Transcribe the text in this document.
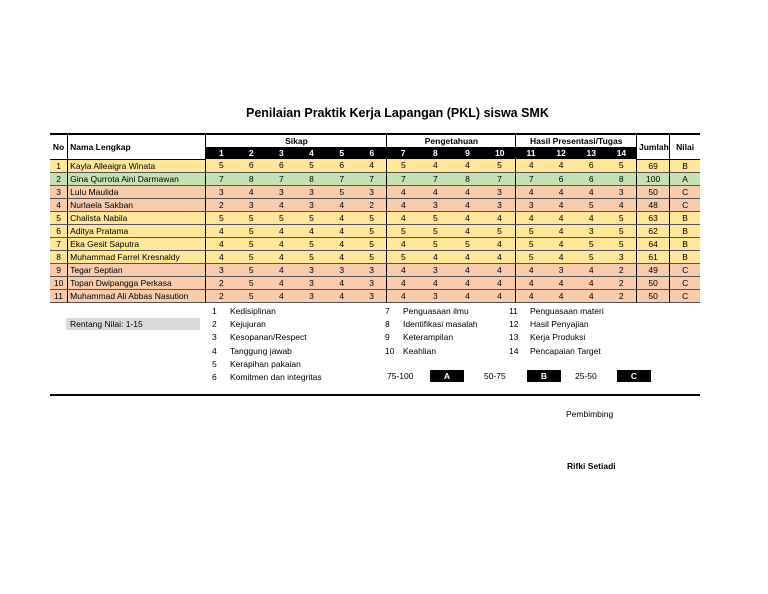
Penilaian Praktik Kerja Lapangan (PKL) siswa SMK
No	Nama Lengkap	Sikap						Pengetahuan				Hasil Presentasi/Tugas				Jumlah	Nilai
		1	2	3	4	5	6	7	8	9	10	11	12	13	14		
1	Kayla Alleaigra Winata	5	6	6	5	6	4	5	4	4	5	4	4	6	5	69	B
2	Gina Qurrota Aini Darmawan	7	8	7	8	7	7	7	7	8	7	7	6	6	8	100	A
3	Lulu Maulida	3	4	3	3	5	3	4	4	4	3	4	4	4	3	50	C
4	Nurlaela Sakban	2	3	4	3	4	2	4	3	4	3	3	4	5	4	48	C
5	Chalista Nabila	5	5	5	5	4	5	4	5	4	4	4	4	4	5	63	B
6	Aditya Pratama	4	5	4	4	4	5	5	5	4	5	5	4	3	5	62	B
7	Eka Gesit Saputra	4	5	4	5	4	5	4	5	5	4	5	4	5	5	64	B
8	Muhammad Farrel Kresnaldy	4	5	4	5	4	5	5	4	4	4	5	4	5	3	61	B
9	Tegar Septian	3	5	4	3	3	3	4	3	4	4	4	3	4	2	49	C
10	Topan Dwipangga Perkasa	2	5	4	3	4	3	4	4	4	4	4	4	4	2	50	C
11	Muhammad Ali Abbas Nasution	2	5	4	3	4	3	4	3	4	4	4	4	4	2	50	C
Rentang Nilai: 1-15
1 Kedisiplinan
2 Kejujuran
3 Kesopanan/Respect
4 Tanggung jawab
5 Kerapihan pakaian
6 Komitmen dan integritas
7 Penguasaan ilmu
8 Identifikasi masalah
9 Keterampilan
10 Keahlian
11 Penguasaan materi
12 Hasil Penyajian
13 Kerja Produksi
14 Pencapaian Target
75-100	A	50-75	B	25-50	C
Pembimbing
Rifki Setiadi
